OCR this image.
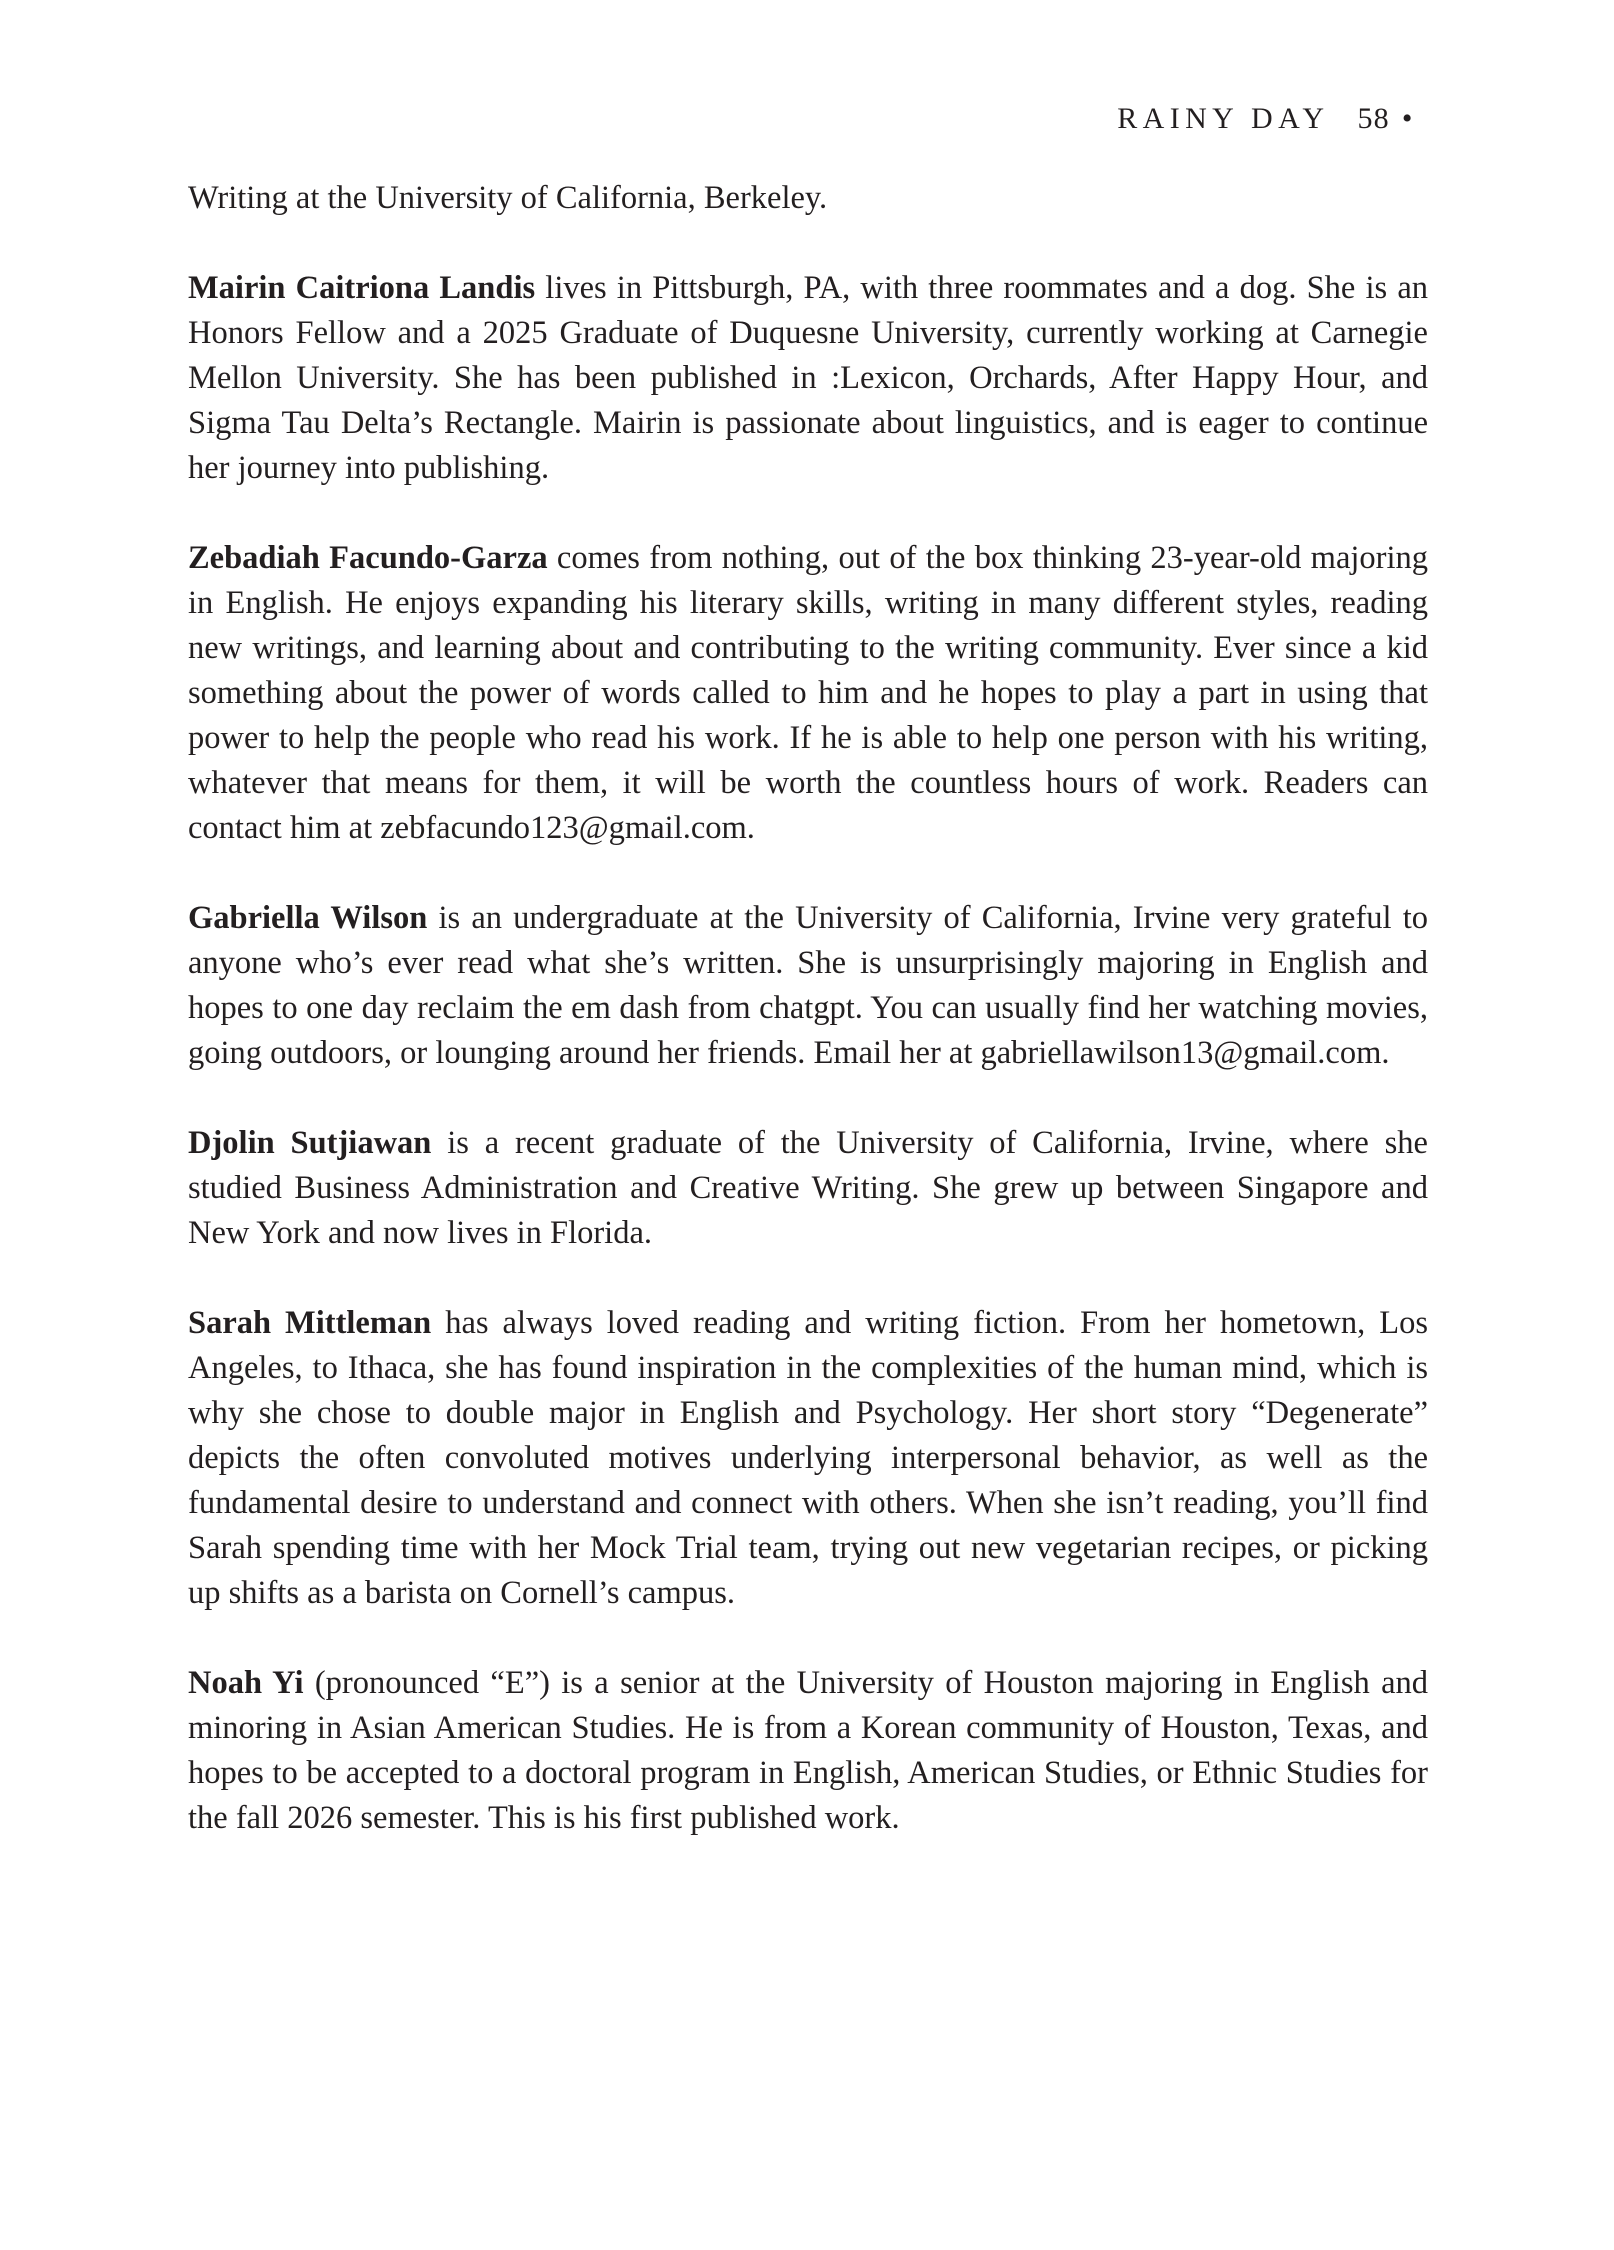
RAINY DAY 58 •

Writing at the University of California, Berkeley.

Mairin Caitriona Landis lives in Pittsburgh, PA, with three roommates and a dog. She is an Honors Fellow and a 2025 Graduate of Duquesne University, currently working at Carnegie Mellon University. She has been published in :Lexicon, Orchards, After Happy Hour, and Sigma Tau Delta’s Rectangle. Mairin is passionate about linguistics, and is eager to continue her journey into publishing.

Zebadiah Facundo-Garza comes from nothing, out of the box thinking 23-year-old majoring in English. He enjoys expanding his literary skills, writing in many different styles, reading new writings, and learning about and contributing to the writing community. Ever since a kid something about the power of words called to him and he hopes to play a part in using that power to help the people who read his work. If he is able to help one person with his writing, whatever that means for them, it will be worth the countless hours of work. Readers can contact him at zebfacundo123@gmail.com.

Gabriella Wilson is an undergraduate at the University of California, Irvine very grateful to anyone who’s ever read what she’s written. She is unsurprisingly majoring in English and hopes to one day reclaim the em dash from chatgpt. You can usually find her watching movies, going outdoors, or lounging around her friends. Email her at gabriellawilson13@gmail.com.

Djolin Sutjiawan is a recent graduate of the University of California, Irvine, where she studied Business Administration and Creative Writing. She grew up between Singapore and New York and now lives in Florida.

Sarah Mittleman has always loved reading and writing fiction. From her hometown, Los Angeles, to Ithaca, she has found inspiration in the complexities of the human mind, which is why she chose to double major in English and Psychology. Her short story “Degenerate” depicts the often convoluted motives underlying interpersonal behavior, as well as the fundamental desire to understand and connect with others. When she isn’t reading, you’ll find Sarah spending time with her Mock Trial team, trying out new vegetarian recipes, or picking up shifts as a barista on Cornell’s campus.

Noah Yi (pronounced “E”) is a senior at the University of Houston majoring in English and minoring in Asian American Studies. He is from a Korean community of Houston, Texas, and hopes to be accepted to a doctoral program in English, American Studies, or Ethnic Studies for the fall 2026 semester. This is his first published work.
